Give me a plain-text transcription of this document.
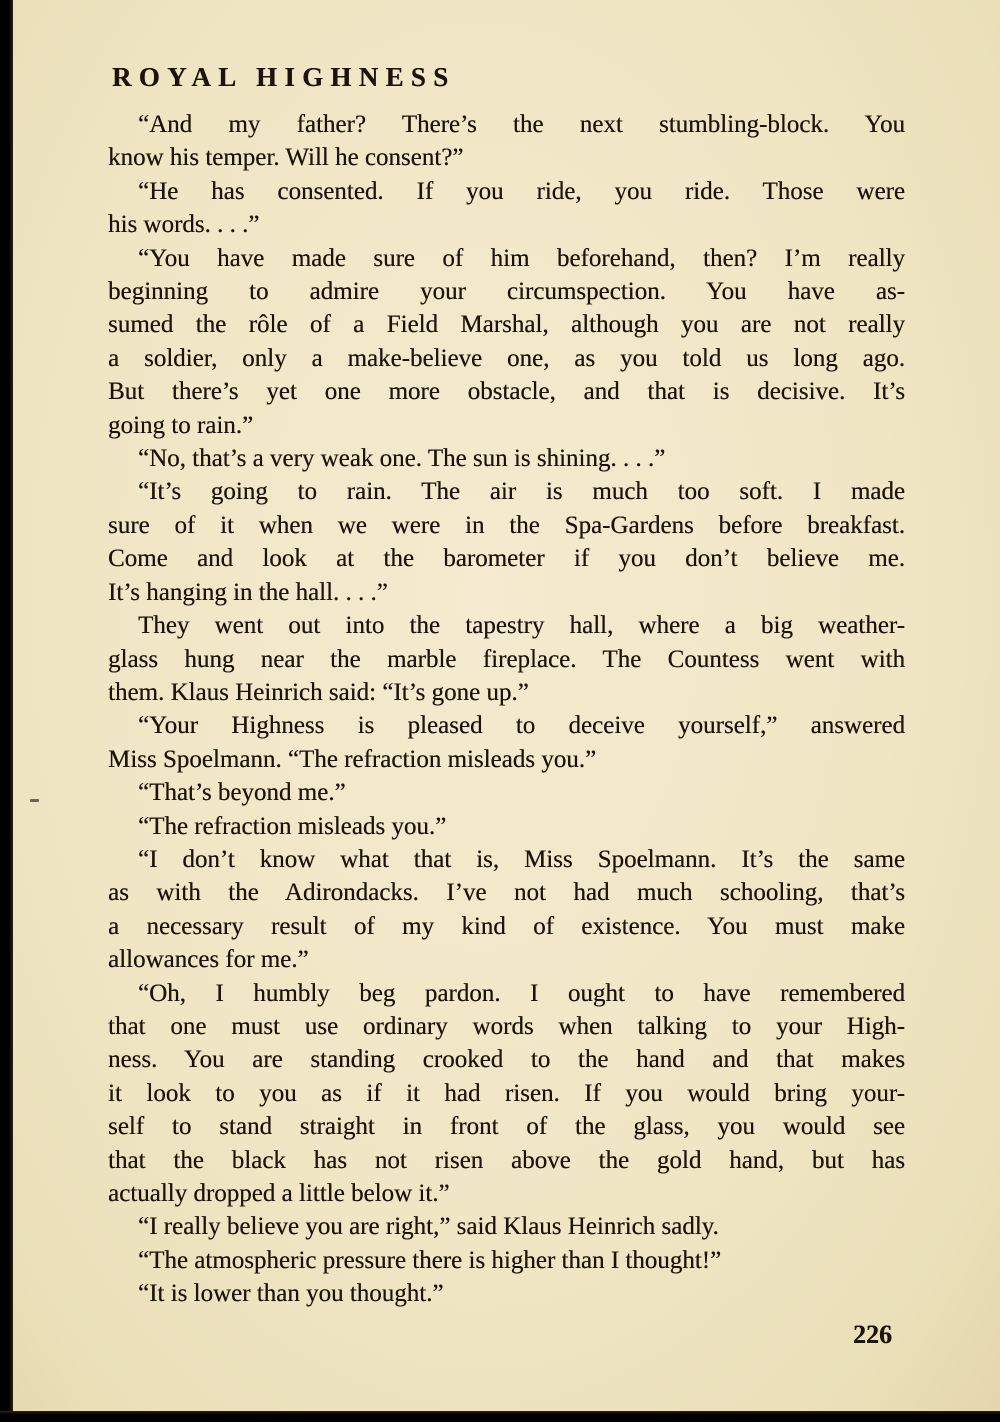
ROYAL HIGHNESS
“And my father? There’s the next stumbling-block. You
know his temper. Will he consent?”
“He has consented. If you ride, you ride. Those were
his words. . . .”
“You have made sure of him beforehand, then? I’m really
beginning to admire your circumspection. You have as-
sumed the rôle of a Field Marshal, although you are not really
a soldier, only a make-believe one, as you told us long ago.
But there’s yet one more obstacle, and that is decisive. It’s
going to rain.”
“No, that’s a very weak one. The sun is shining. . . .”
“It’s going to rain. The air is much too soft. I made
sure of it when we were in the Spa-Gardens before breakfast.
Come and look at the barometer if you don’t believe me.
It’s hanging in the hall. . . .”
They went out into the tapestry hall, where a big weather-
glass hung near the marble fireplace. The Countess went with
them. Klaus Heinrich said: “It’s gone up.”
“Your Highness is pleased to deceive yourself,” answered
Miss Spoelmann. “The refraction misleads you.”
“That’s beyond me.”
“The refraction misleads you.”
“I don’t know what that is, Miss Spoelmann. It’s the same
as with the Adirondacks. I’ve not had much schooling, that’s
a necessary result of my kind of existence. You must make
allowances for me.”
“Oh, I humbly beg pardon. I ought to have remembered
that one must use ordinary words when talking to your High-
ness. You are standing crooked to the hand and that makes
it look to you as if it had risen. If you would bring your-
self to stand straight in front of the glass, you would see
that the black has not risen above the gold hand, but has
actually dropped a little below it.”
“I really believe you are right,” said Klaus Heinrich sadly.
“The atmospheric pressure there is higher than I thought!”
“It is lower than you thought.”
226
